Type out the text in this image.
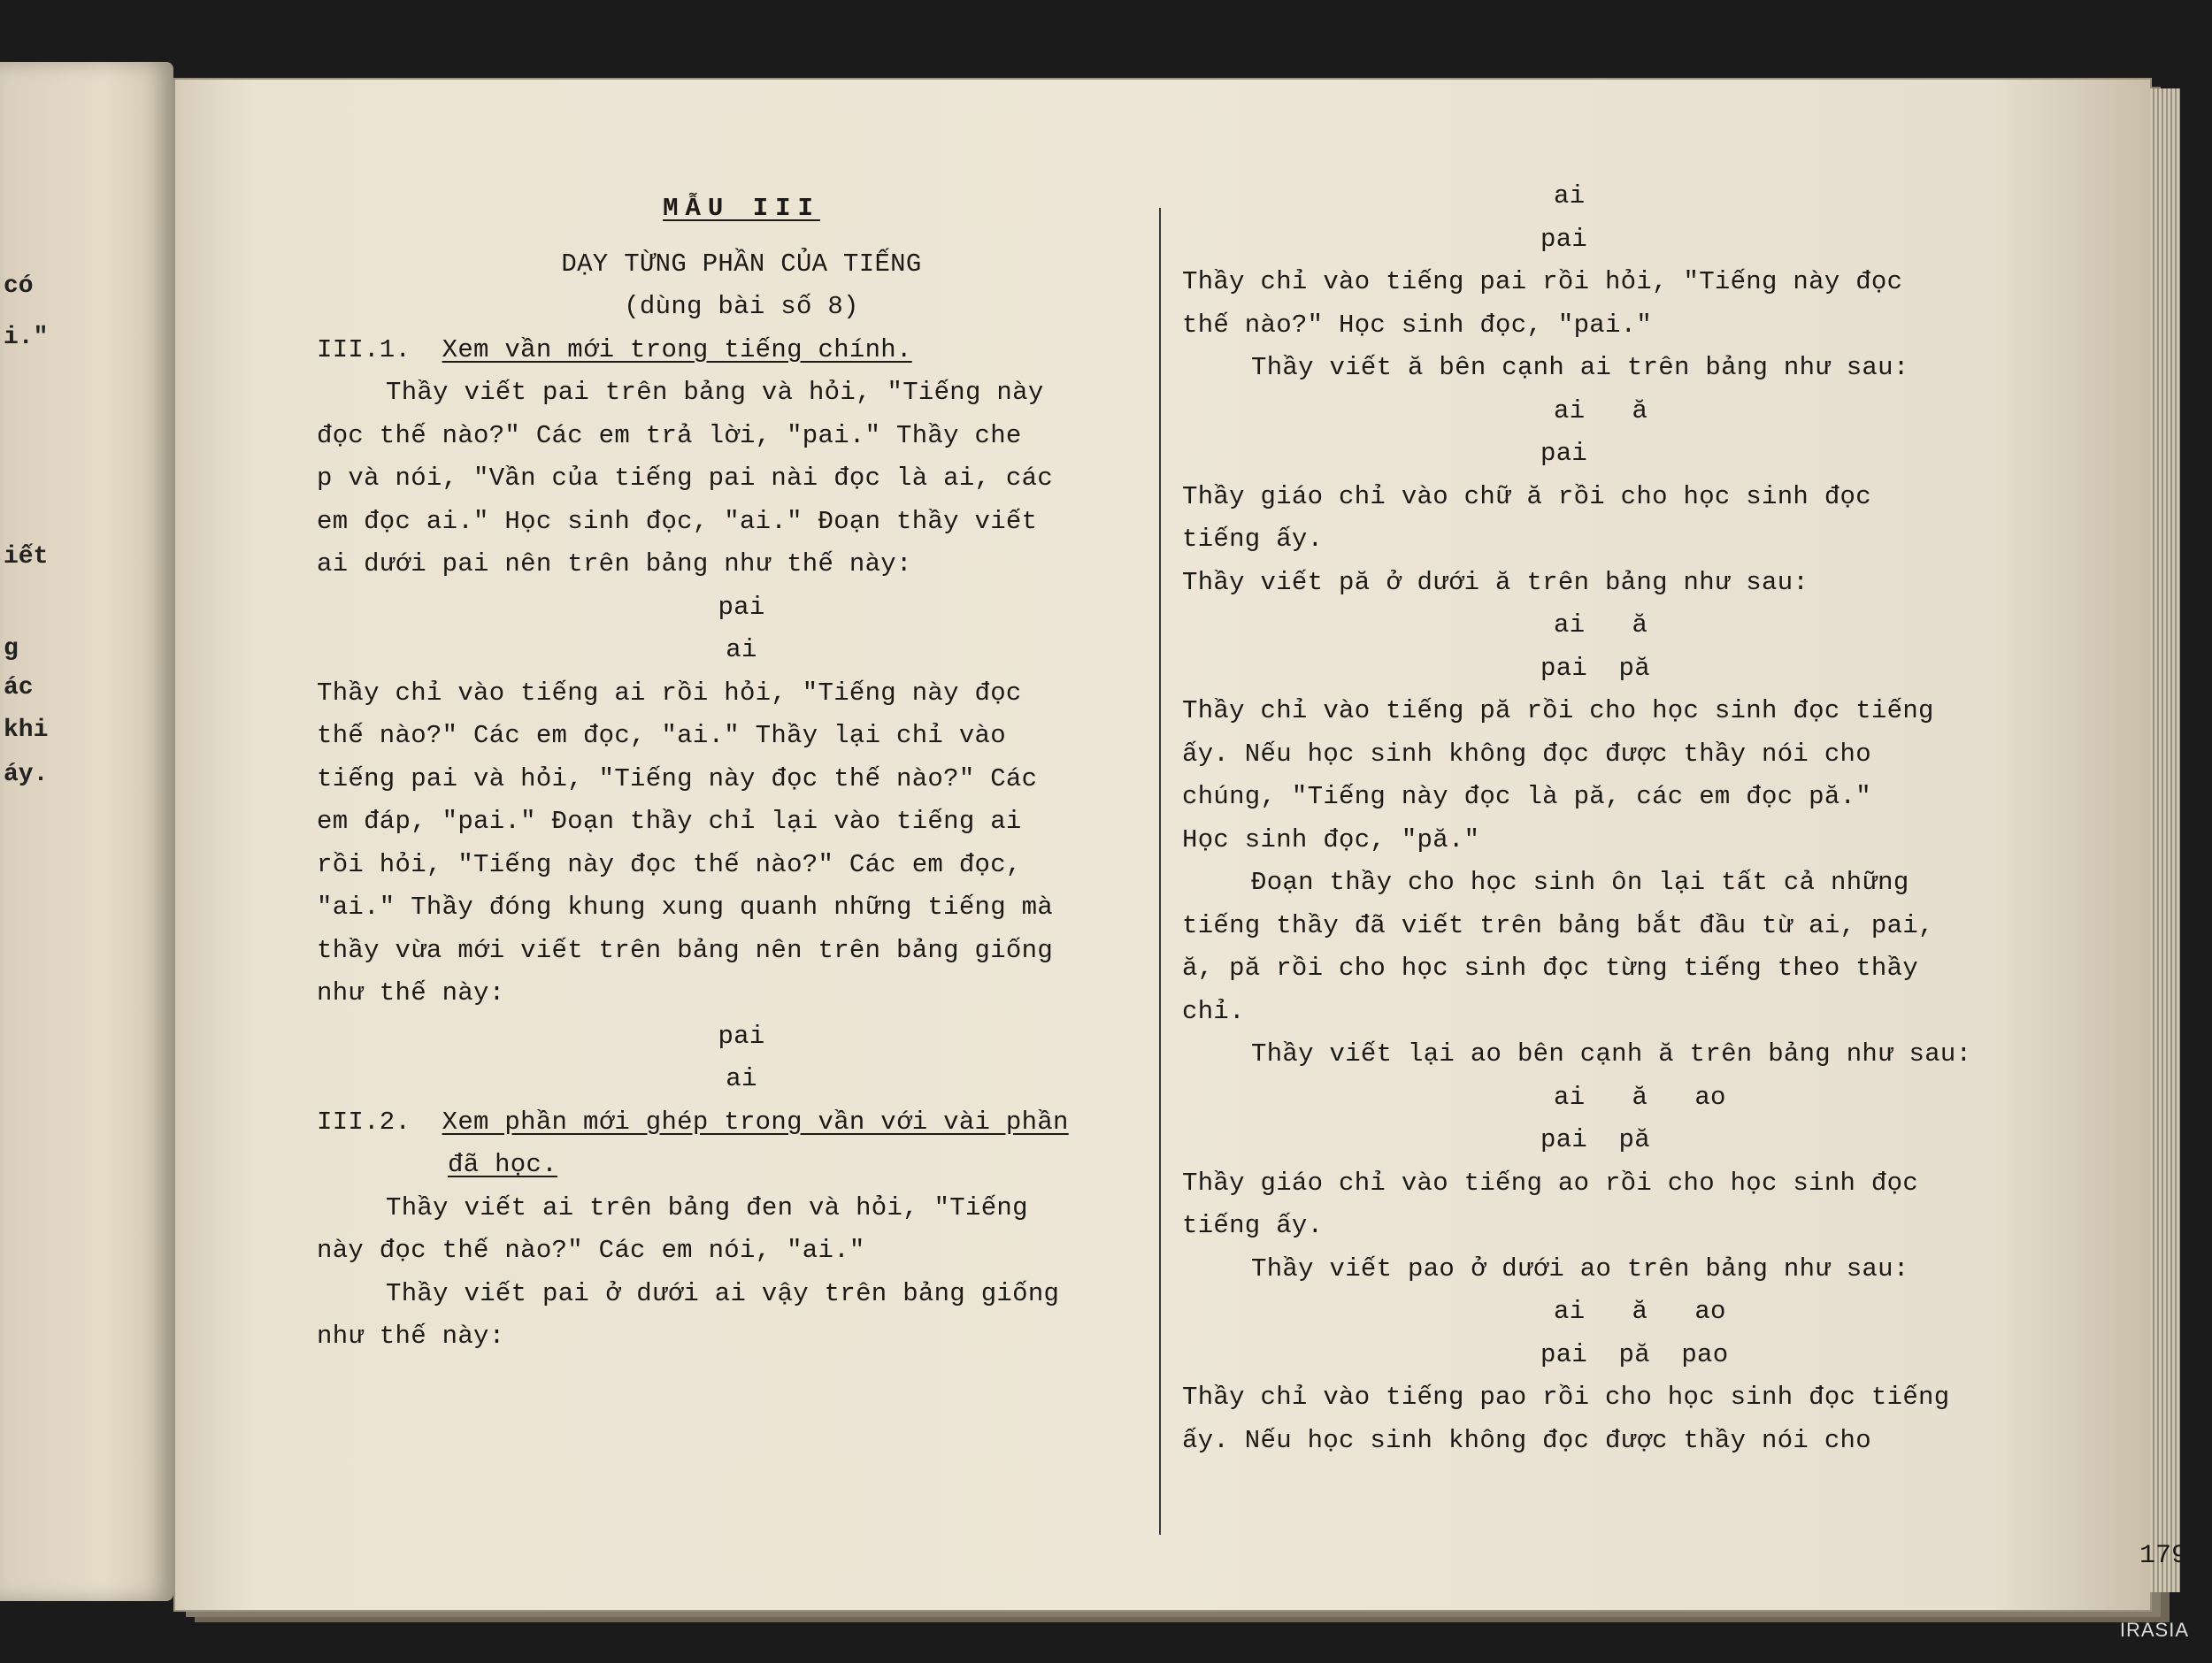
có
i."
iết
g
ác
khi
áy.
MẪU III
DẠY TỪNG PHẦN CỦA TIẾNG
(dùng bài số 8)
III.1. Xem vần mới trong tiếng chính.
Thầy viết pai trên bảng và hỏi, "Tiếng này
đọc thế nào?" Các em trả lời, "pai." Thầy che
p và nói, "Vần của tiếng pai nài đọc là ai, các
em đọc ai." Học sinh đọc, "ai." Đoạn thầy viết
ai dưới pai nên trên bảng như thế này:
pai
ai
Thầy chỉ vào tiếng ai rồi hỏi, "Tiếng này đọc
thế nào?" Các em đọc, "ai." Thầy lại chỉ vào
tiếng pai và hỏi, "Tiếng này đọc thế nào?" Các
em đáp, "pai." Đoạn thầy chỉ lại vào tiếng ai
rồi hỏi, "Tiếng này đọc thế nào?" Các em đọc,
"ai." Thầy đóng khung xung quanh những tiếng mà
thầy vừa mới viết trên bảng nên trên bảng giống
như thế này:
pai
ai
III.2. Xem phần mới ghép trong vần với vài phần
đã học.
Thầy viết ai trên bảng đen và hỏi, "Tiếng
này đọc thế nào?" Các em nói, "ai."
Thầy viết pai ở dưới ai vậy trên bảng giống
như thế này:
ai
pai
Thầy chỉ vào tiếng pai rồi hỏi, "Tiếng này đọc
thế nào?" Học sinh đọc, "pai."
Thầy viết ă bên cạnh ai trên bảng như sau:
ai   ă
pai
Thầy giáo chỉ vào chữ ă rồi cho học sinh đọc
tiếng ấy.
Thầy viết pă ở dưới ă trên bảng như sau:
ai   ă
pai  pă
Thầy chỉ vào tiếng pă rồi cho học sinh đọc tiếng
ấy. Nếu học sinh không đọc được thầy nói cho
chúng, "Tiếng này đọc là pă, các em đọc pă."
Học sinh đọc, "pă."
Đoạn thầy cho học sinh ôn lại tất cả những
tiếng thầy đã viết trên bảng bắt đầu từ ai, pai,
ă, pă rồi cho học sinh đọc từng tiếng theo thầy
chỉ.
Thầy viết lại ao bên cạnh ă trên bảng như sau:
ai   ă   ao
pai  pă
Thầy giáo chỉ vào tiếng ao rồi cho học sinh đọc
tiếng ấy.
Thầy viết pao ở dưới ao trên bảng như sau:
ai   ă   ao
pai  pă  pao
Thầy chỉ vào tiếng pao rồi cho học sinh đọc tiếng
ấy. Nếu học sinh không đọc được thầy nói cho
179
IRASIA
